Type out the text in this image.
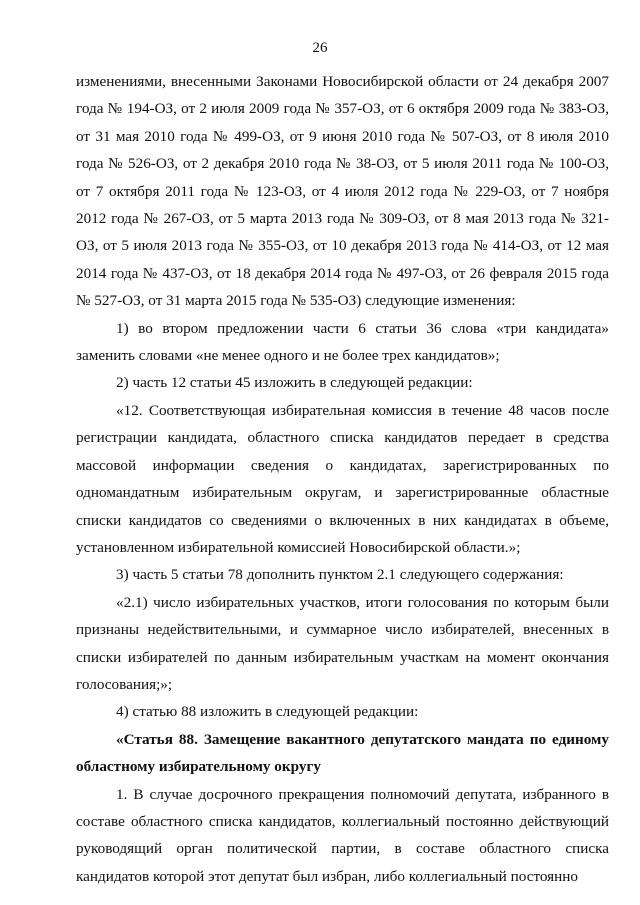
26

изменениями, внесенными Законами Новосибирской области от 24 декабря 2007 года № 194-ОЗ, от 2 июля 2009 года № 357-ОЗ, от 6 октября 2009 года № 383-ОЗ, от 31 мая 2010 года № 499-ОЗ, от 9 июня 2010 года № 507-ОЗ, от 8 июля 2010 года № 526-ОЗ, от 2 декабря 2010 года № 38-ОЗ, от 5 июля 2011 года № 100-ОЗ, от 7 октября 2011 года № 123-ОЗ, от 4 июля 2012 года № 229-ОЗ, от 7 ноября 2012 года № 267-ОЗ, от 5 марта 2013 года № 309-ОЗ, от 8 мая 2013 года № 321-ОЗ, от 5 июля 2013 года № 355-ОЗ, от 10 декабря 2013 года № 414-ОЗ, от 12 мая 2014 года № 437-ОЗ, от 18 декабря 2014 года № 497-ОЗ, от 26 февраля 2015 года № 527-ОЗ, от 31 марта 2015 года № 535-ОЗ) следующие изменения:

1) во втором предложении части 6 статьи 36 слова «три кандидата» заменить словами «не менее одного и не более трех кандидатов»;

2) часть 12 статьи 45 изложить в следующей редакции:

«12. Соответствующая избирательная комиссия в течение 48 часов после регистрации кандидата, областного списка кандидатов передает в средства массовой информации сведения о кандидатах, зарегистрированных по одномандатным избирательным округам, и зарегистрированные областные списки кандидатов со сведениями о включенных в них кандидатах в объеме, установленном избирательной комиссией Новосибирской области.»;

3) часть 5 статьи 78 дополнить пунктом 2.1 следующего содержания:

«2.1) число избирательных участков, итоги голосования по которым были признаны недействительными, и суммарное число избирателей, внесенных в списки избирателей по данным избирательным участкам на момент окончания голосования;»;

4) статью 88 изложить в следующей редакции:

«Статья 88. Замещение вакантного депутатского мандата по единому областному избирательному округу

1. В случае досрочного прекращения полномочий депутата, избранного в составе областного списка кандидатов, коллегиальный постоянно действующий руководящий орган политической партии, в составе областного списка кандидатов которой этот депутат был избран, либо коллегиальный постоянно
